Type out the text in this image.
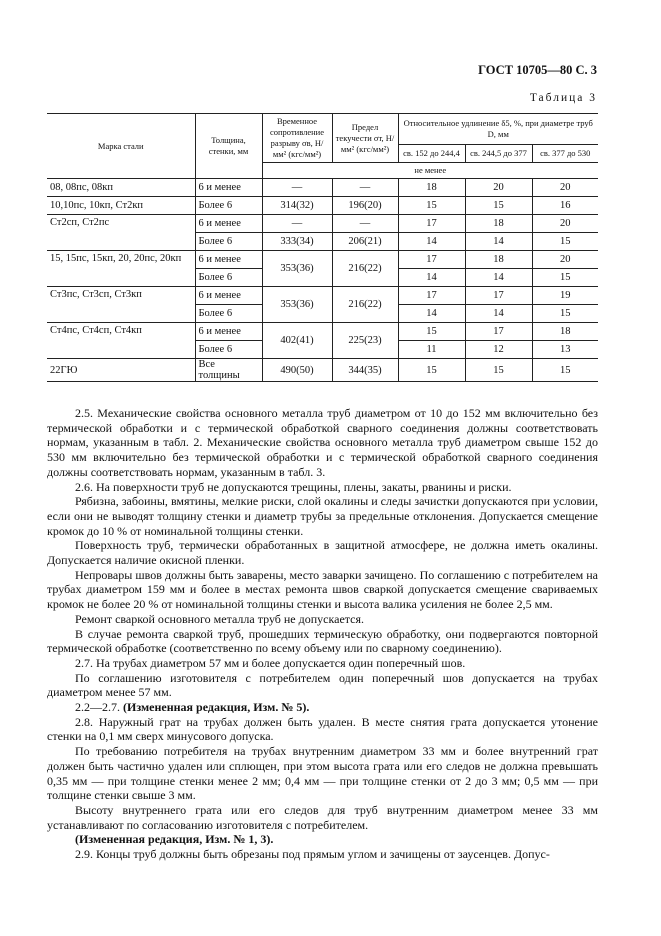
ГОСТ 10705—80 С. 3
Таблица 3
Марка стали	Толщина, стенки, мм	Временное сопротивление разрыву σв, Н/мм² (кгс/мм²)	Предел текучести σт, Н/мм² (кгс/мм²)	Относительное удлинение δ5, %, при диаметре труб D, мм		
				св. 152 до 244,4	св. 244,5 до 377	св. 377 до 530
		не менее				
08, 08пс, 08кп	6 и менее	—	—	18	20	20
10,10пс, 10кп, Ст2кп	Более 6	314(32)	196(20)	15	15	16
Ст2сп, Ст2пс	6 и менее	—	—	17	18	20
	Более 6	333(34)	206(21)	14	14	15
15, 15пс, 15кп, 20, 20пс, 20кп	6 и менее	353(36)	216(22)	17	18	20
	Более 6			14	14	15
Ст3пс, Ст3сп, Ст3кп	6 и менее	353(36)	216(22)	17	17	19
	Более 6			14	14	15
Ст4пс, Ст4сп, Ст4кп	6 и менее	402(41)	225(23)	15	17	18
	Более 6			11	12	13
22ГЮ	Все толщины	490(50)	344(35)	15	15	15

2.5. Механические свойства основного металла труб диаметром от 10 до 152 мм включительно без термической обработки и с термической обработкой сварного соединения должны соответствовать нормам, указанным в табл. 2. Механические свойства основного металла труб диаметром свыше 152 до 530 мм включительно без термической обработки и с термической обработкой сварного соединения должны соответствовать нормам, указанным в табл. 3.

2.6. На поверхности труб не допускаются трещины, плены, закаты, рванины и риски.

Рябизна, забоины, вмятины, мелкие риски, слой окалины и следы зачистки допускаются при условии, если они не выводят толщину стенки и диаметр трубы за предельные отклонения. Допускается смещение кромок до 10 % от номинальной толщины стенки.

Поверхность труб, термически обработанных в защитной атмосфере, не должна иметь окалины. Допускается наличие окисной пленки.

Непровары швов должны быть заварены, место заварки зачищено. По соглашению с потребителем на трубах диаметром 159 мм и более в местах ремонта швов сваркой допускается смещение свариваемых кромок не более 20 % от номинальной толщины стенки и высота валика усиления не более 2,5 мм.

Ремонт сваркой основного металла труб не допускается.

В случае ремонта сваркой труб, прошедших термическую обработку, они подвергаются повторной термической обработке (соответственно по всему объему или по сварному соединению).

2.7. На трубах диаметром 57 мм и более допускается один поперечный шов.

По соглашению изготовителя с потребителем один поперечный шов допускается на трубах диаметром менее 57 мм.

2.2—2.7. (Измененная редакция, Изм. № 5).

2.8. Наружный грат на трубах должен быть удален. В месте снятия грата допускается утонение стенки на 0,1 мм сверх минусового допуска.

По требованию потребителя на трубах внутренним диаметром 33 мм и более внутренний грат должен быть частично удален или сплющен, при этом высота грата или его следов не должна превышать 0,35 мм — при толщине стенки менее 2 мм; 0,4 мм — при толщине стенки от 2 до 3 мм; 0,5 мм — при толщине стенки свыше 3 мм.

Высоту внутреннего грата или его следов для труб внутренним диаметром менее 33 мм устанавливают по согласованию изготовителя с потребителем.

(Измененная редакция, Изм. № 1, 3).

2.9. Концы труб должны быть обрезаны под прямым углом и зачищены от заусенцев. Допус-
